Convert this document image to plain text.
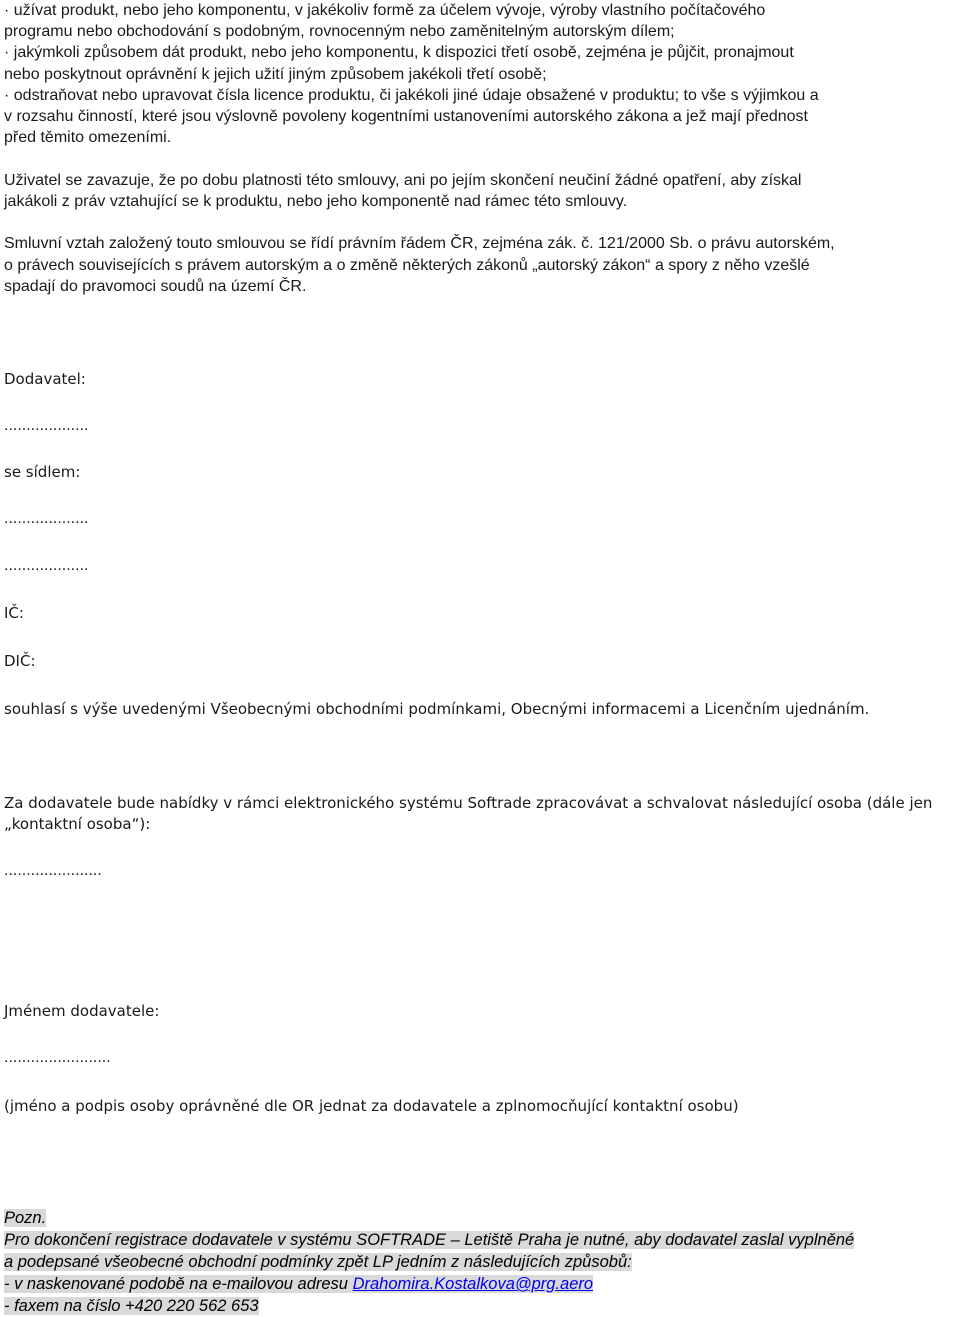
· užívat produkt, nebo jeho komponentu, v jakékoliv formě za účelem vývoje, výroby vlastního počítačového
programu nebo obchodování s podobným, rovnocenným nebo zaměnitelným autorským dílem;
· jakýmkoli způsobem dát produkt, nebo jeho komponentu, k dispozici třetí osobě, zejména je půjčit, pronajmout
nebo poskytnout oprávnění k jejich užití jiným způsobem jakékoli třetí osobě;
· odstraňovat nebo upravovat čísla licence produktu, či jakékoli jiné údaje obsažené v produktu; to vše s výjimkou a
v rozsahu činností, které jsou výslovně povoleny kogentními ustanoveními autorského zákona a jež mají přednost
před těmito omezeními.
Uživatel se zavazuje, že po dobu platnosti této smlouvy, ani po jejím skončení neučiní žádné opatření, aby získal
jakákoli z práv vztahující se k produktu, nebo jeho komponentě nad rámec této smlouvy.
Smluvní vztah založený touto smlouvou se řídí právním řádem ČR, zejména zák. č. 121/2000 Sb. o právu autorském,
o právech souvisejících s právem autorským a o změně některých zákonů „autorský zákon“ a spory z něho vzešlé
spadají do pravomoci soudů na území ČR.
Dodavatel:
...................
se sídlem:
...................
...................
IČ:
DIČ:
souhlasí s výše uvedenými Všeobecnými obchodními podmínkami, Obecnými informacemi a Licenčním ujednáním.
Za dodavatele bude nabídky v rámci elektronického systému Softrade zpracovávat a schvalovat následující osoba (dále jen
„kontaktní osoba“):
......................
Jménem dodavatele:
........................
(jméno a podpis osoby oprávněné dle OR jednat za dodavatele a zplnomocňující kontaktní osobu)
Pozn.
Pro dokončení registrace dodavatele v systému SOFTRADE – Letiště Praha je nutné, aby dodavatel zaslal vyplněné
a podepsané všeobecné obchodní podmínky zpět LP jedním z následujících způsobů:
- v naskenované podobě na e-mailovou adresu Drahomira.Kostalkova@prg.aero
- faxem na číslo +420 220 562 653
